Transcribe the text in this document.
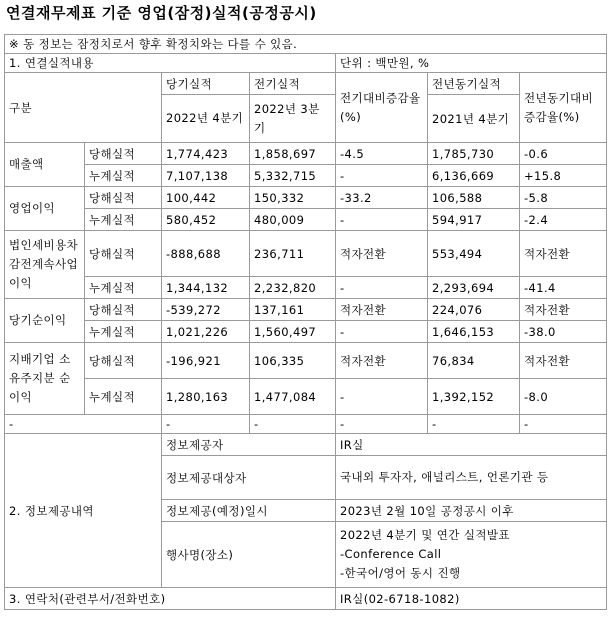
연결재무제표 기준 영업(잠정)실적(공정공시)
※ 동 정보는 잠정치로서 향후 확정치와는 다를 수 있음.						
1. 연결실적내용				단위 : 백만원, %		
구분		당기실적	전기실적	전기대비증감율(%)	전년동기실적	전년동기대비증감율(%)
		2022년 4분기	2022년 3분기		2021년 4분기	
매출액	당해실적	1,774,423	1,858,697	-4.5	1,785,730	-0.6
	누계실적	7,107,138	5,332,715	-	6,136,669	+15.8
영업이익	당해실적	100,442	150,332	-33.2	106,588	-5.8
	누계실적	580,452	480,009	-	594,917	-2.4
법인세비용차감전계속사업이익	당해실적	-888,688	236,711	적자전환	553,494	적자전환
	누계실적	1,344,132	2,232,820	-	2,293,694	-41.4
당기순이익	당해실적	-539,272	137,161	적자전환	224,076	적자전환
	누계실적	1,021,226	1,560,497	-	1,646,153	-38.0
지배기업 소유주지분 순이익	당해실적	-196,921	106,335	적자전환	76,834	적자전환
	누계실적	1,280,163	1,477,084	-	1,392,152	-8.0
-		-	-	-	-	-
2. 정보제공내역		정보제공자		IR실		
		정보제공대상자		국내외 투자자, 애널리스트, 언론기관 등		
		정보제공(예정)일시		2023년 2월 10일 공정공시 이후		
		행사명(장소)		2022년 4분기 및 연간 실적발표
-Conference Call
-한국어/영어 동시 진행		

3. 연락처(관련부서/전화번호)				IR실(02-6718-1082)		
